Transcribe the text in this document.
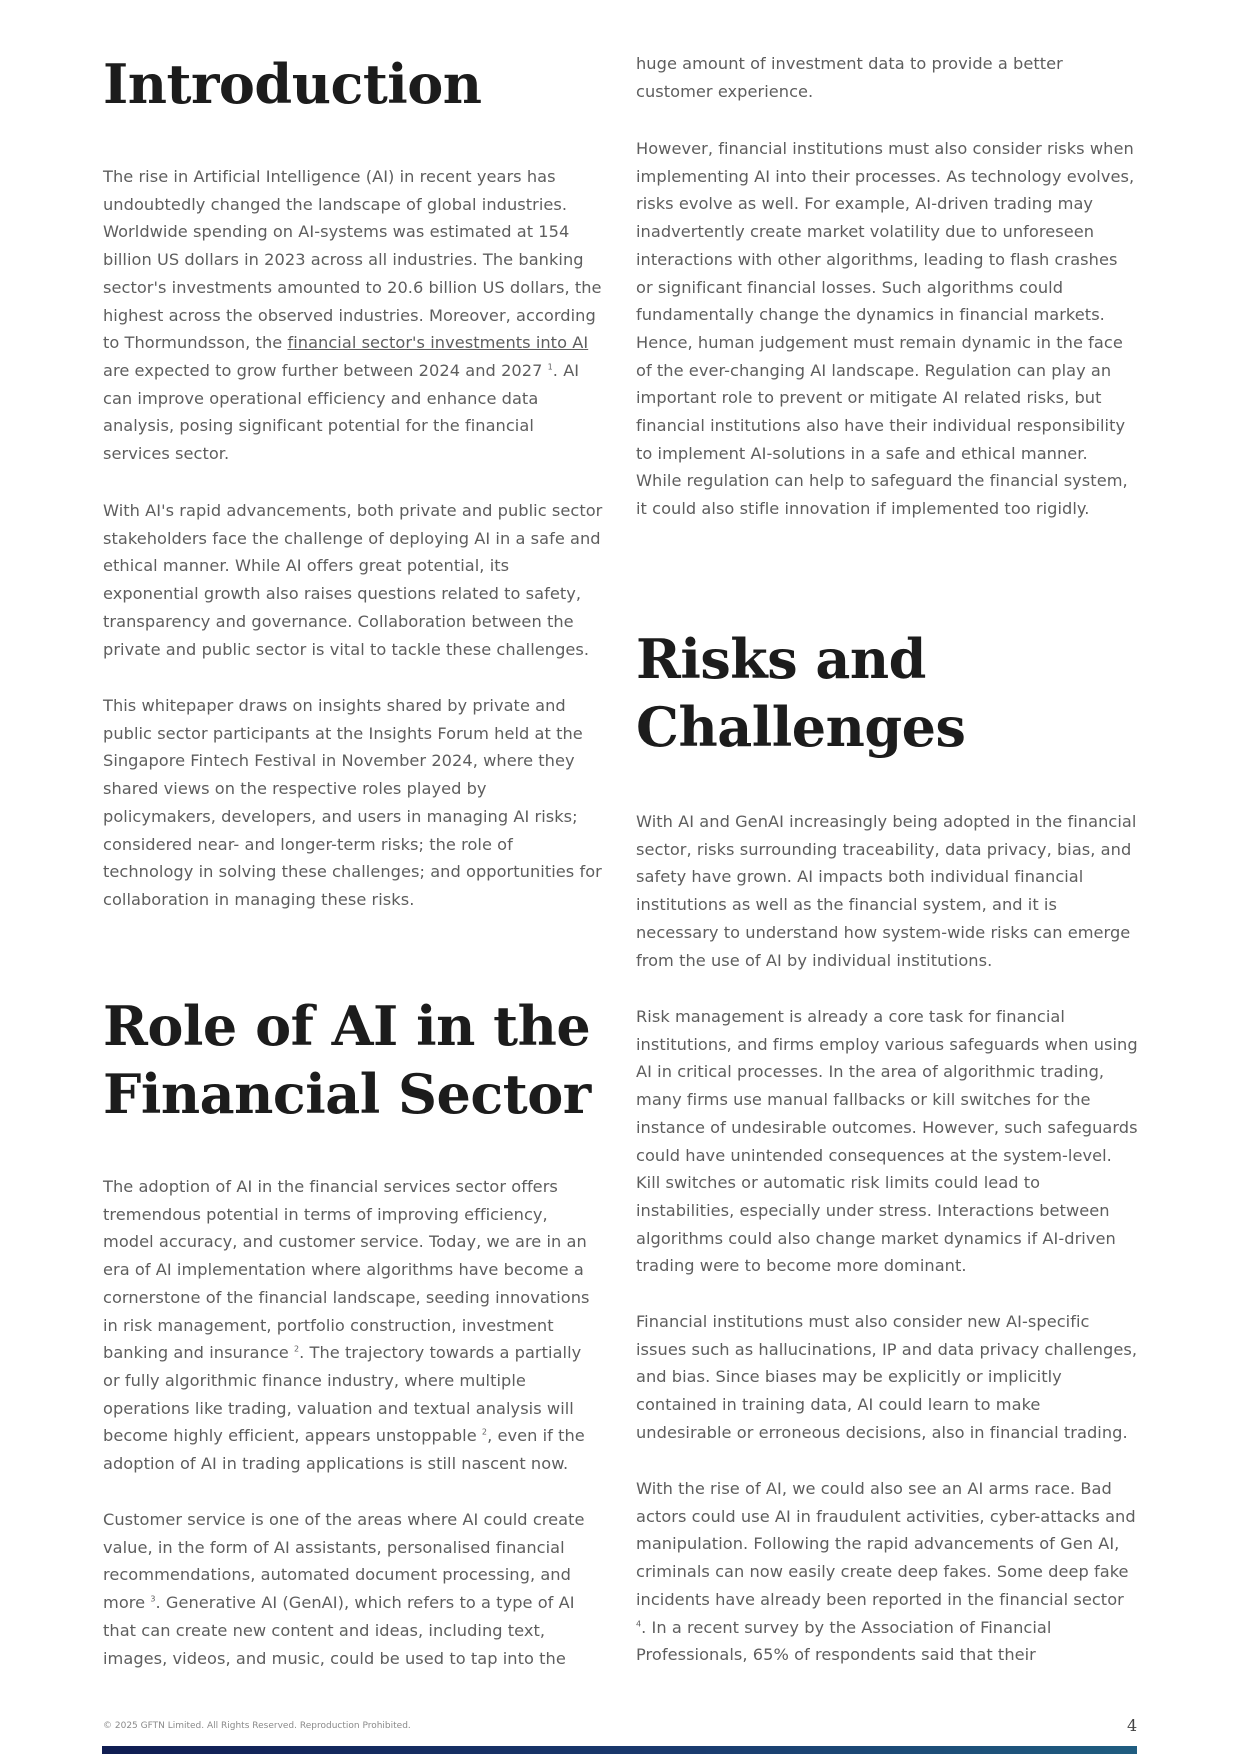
Introduction

The rise in Artificial Intelligence (AI) in recent years has undoubtedly changed the landscape of global industries. Worldwide spending on AI-systems was estimated at 154 billion US dollars in 2023 across all industries. The banking sector's investments amounted to 20.6 billion US dollars, the highest across the observed industries. Moreover, according to Thormundsson, the financial sector's investments into AI are expected to grow further between 2024 and 2027 $^1$. AI can improve operational efficiency and enhance data analysis, posing significant potential for the financial services sector.

With AI's rapid advancements, both private and public sector stakeholders face the challenge of deploying AI in a safe and ethical manner. While AI offers great potential, its exponential growth also raises questions related to safety, transparency and governance. Collaboration between the private and public sector is vital to tackle these challenges.

This whitepaper draws on insights shared by private and public sector participants at the Insights Forum held at the Singapore Fintech Festival in November 2024, where they shared views on the respective roles played by policymakers, developers, and users in managing AI risks; considered near- and longer-term risks; the role of technology in solving these challenges; and opportunities for collaboration in managing these risks.

Role of AI in the
Financial Sector

The adoption of AI in the financial services sector offers tremendous potential in terms of improving efficiency, model accuracy, and customer service. Today, we are in an era of AI implementation where algorithms have become a cornerstone of the financial landscape, seeding innovations in risk management, portfolio construction, investment banking and insurance $^2$. The trajectory towards a partially or fully algorithmic finance industry, where multiple operations like trading, valuation and textual analysis will become highly efficient, appears unstoppable $^2$, even if the adoption of AI in trading applications is still nascent now.

Customer service is one of the areas where AI could create value, in the form of AI assistants, personalised financial recommendations, automated document processing, and more $^3$. Generative AI (GenAI), which refers to a type of AI that can create new content and ideas, including text, images, videos, and music, could be used to tap into the

huge amount of investment data to provide a better customer experience.

However, financial institutions must also consider risks when implementing AI into their processes. As technology evolves, risks evolve as well. For example, AI-driven trading may inadvertently create market volatility due to unforeseen interactions with other algorithms, leading to flash crashes or significant financial losses. Such algorithms could fundamentally change the dynamics in financial markets. Hence, human judgement must remain dynamic in the face of the ever-changing AI landscape. Regulation can play an important role to prevent or mitigate AI related risks, but financial institutions also have their individual responsibility to implement AI-solutions in a safe and ethical manner. While regulation can help to safeguard the financial system, it could also stifle innovation if implemented too rigidly.

Risks and
Challenges

With AI and GenAI increasingly being adopted in the financial sector, risks surrounding traceability, data privacy, bias, and safety have grown. AI impacts both individual financial institutions as well as the financial system, and it is necessary to understand how system-wide risks can emerge from the use of AI by individual institutions.

Risk management is already a core task for financial institutions, and firms employ various safeguards when using AI in critical processes. In the area of algorithmic trading, many firms use manual fallbacks or kill switches for the instance of undesirable outcomes. However, such safeguards could have unintended consequences at the system-level. Kill switches or automatic risk limits could lead to instabilities, especially under stress. Interactions between algorithms could also change market dynamics if AI-driven trading were to become more dominant.

Financial institutions must also consider new AI-specific issues such as hallucinations, IP and data privacy challenges, and bias. Since biases may be explicitly or implicitly contained in training data, AI could learn to make undesirable or erroneous decisions, also in financial trading.

With the rise of AI, we could also see an AI arms race. Bad actors could use AI in fraudulent activities, cyber-attacks and manipulation. Following the rapid advancements of Gen AI, criminals can now easily create deep fakes. Some deep fake incidents have already been reported in the financial sector $^4$. In a recent survey by the Association of Financial Professionals, 65% of respondents said that their

© 2025 GFTN Limited. All Rights Reserved. Reproduction Prohibited.	4
